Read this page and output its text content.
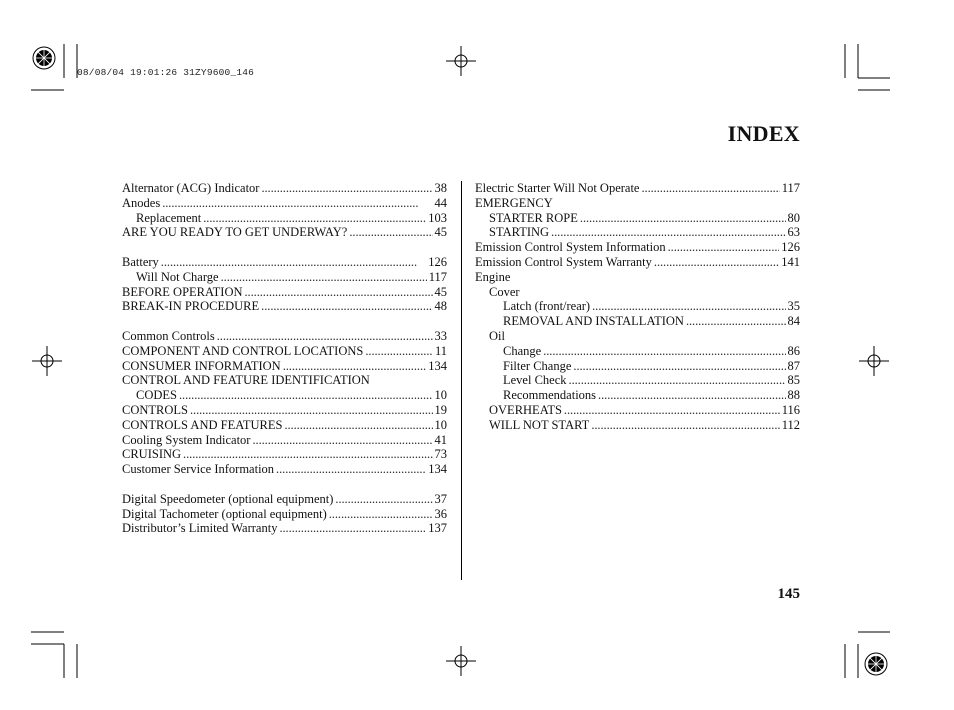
08/08/04 19:01:26 31ZY9600_146
INDEX
Alternator (ACG) Indicator . . .	38
Anodes . . .	44
Replacement . . .	103
ARE YOU READY TO GET UNDERWAY? . . .	45
Battery . . .	126
Will Not Charge . . .	117
BEFORE OPERATION . . .	45
BREAK-IN PROCEDURE . . .	48
Common Controls . . .	33
COMPONENT AND CONTROL LOCATIONS . . .	11
CONSUMER INFORMATION . . .	134
CONTROL AND FEATURE IDENTIFICATION
CODES . . .	10
CONTROLS . . .	19
CONTROLS AND FEATURES . . .	10
Cooling System Indicator . . .	41
CRUISING . . .	73
Customer Service Information . . .	134
Digital Speedometer (optional equipment) . . .	37
Digital Tachometer (optional equipment) . . .	36
Distributor’s Limited Warranty . . .	137
Electric Starter Will Not Operate . . .	117
EMERGENCY
STARTER ROPE . . .	80
STARTING . . .	63
Emission Control System Information . . .	126
Emission Control System Warranty . . .	141
Engine
Cover
Latch (front/rear) . . .	35
REMOVAL AND INSTALLATION . . .	84
Oil
Change . . .	86
Filter Change . . .	87
Level Check . . .	85
Recommendations . . .	88
OVERHEATS . . .	116
WILL NOT START . . .	112
145
